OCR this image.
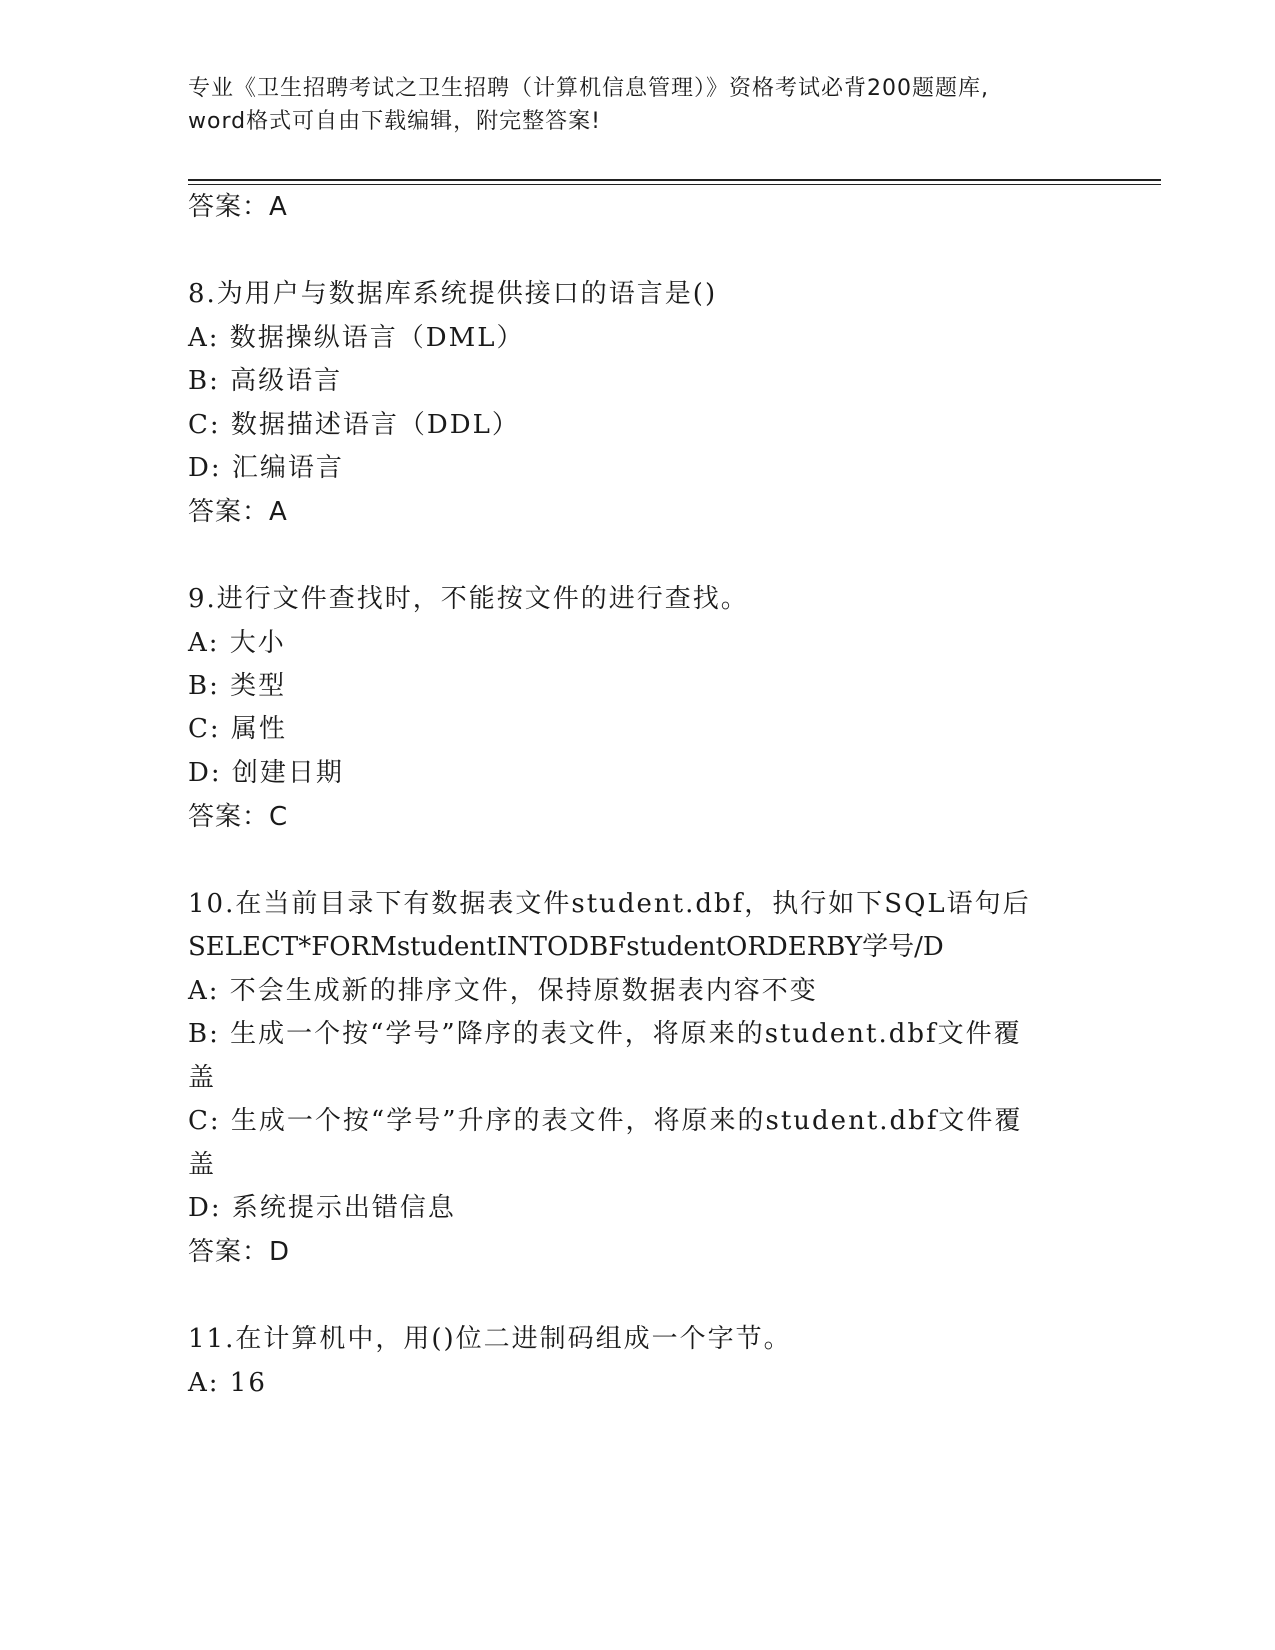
专业《卫生招聘考试之卫生招聘（计算机信息管理）》资格考试必背200题题库,
word格式可自由下载编辑，附完整答案!
答案：A
8.为用户与数据库系统提供接口的语言是()
A: 数据操纵语言（DML）
B: 高级语言
C: 数据描述语言（DDL）
D: 汇编语言
答案：A
9.进行文件查找时，不能按文件的进行查找。
A: 大小
B: 类型
C: 属性
D: 创建日期
答案：C
10.在当前目录下有数据表文件student.dbf，执行如下SQL语句后
SELECT*FORMstudentINTODBFstudentORDERBY学号/D
A: 不会生成新的排序文件，保持原数据表内容不变
B: 生成一个按“学号”降序的表文件，将原来的student.dbf文件覆
盖
C: 生成一个按“学号”升序的表文件，将原来的student.dbf文件覆
盖
D: 系统提示出错信息
答案：D
11.在计算机中，用()位二进制码组成一个字节。
A: 16
